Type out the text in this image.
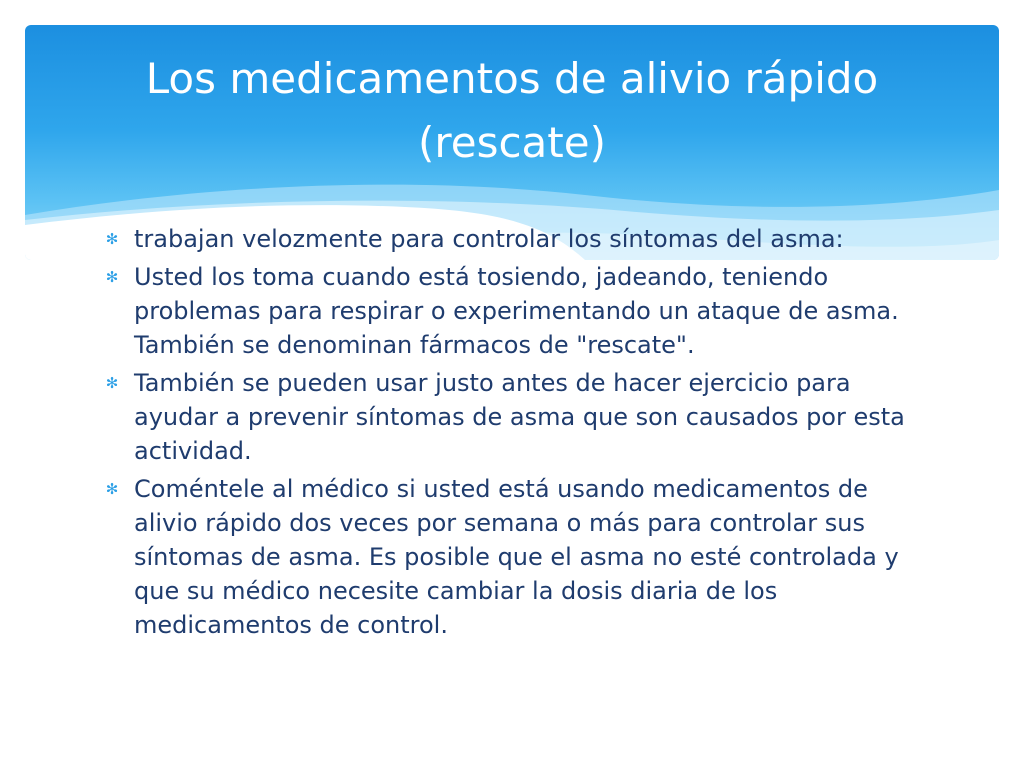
Los medicamentos de alivio rápido
(rescate)
✻ trabajan velozmente para controlar los síntomas del asma:
✻ Usted los toma cuando está tosiendo, jadeando, teniendo problemas para respirar o experimentando un ataque de asma. También se denominan fármacos de "rescate".
✻ También se pueden usar justo antes de hacer ejercicio para ayudar a prevenir síntomas de asma que son causados por esta actividad.
✻ Coméntele al médico si usted está usando medicamentos de alivio rápido dos veces por semana o más para controlar sus síntomas de asma. Es posible que el asma no esté controlada y que su médico necesite cambiar la dosis diaria de los medicamentos de control.
